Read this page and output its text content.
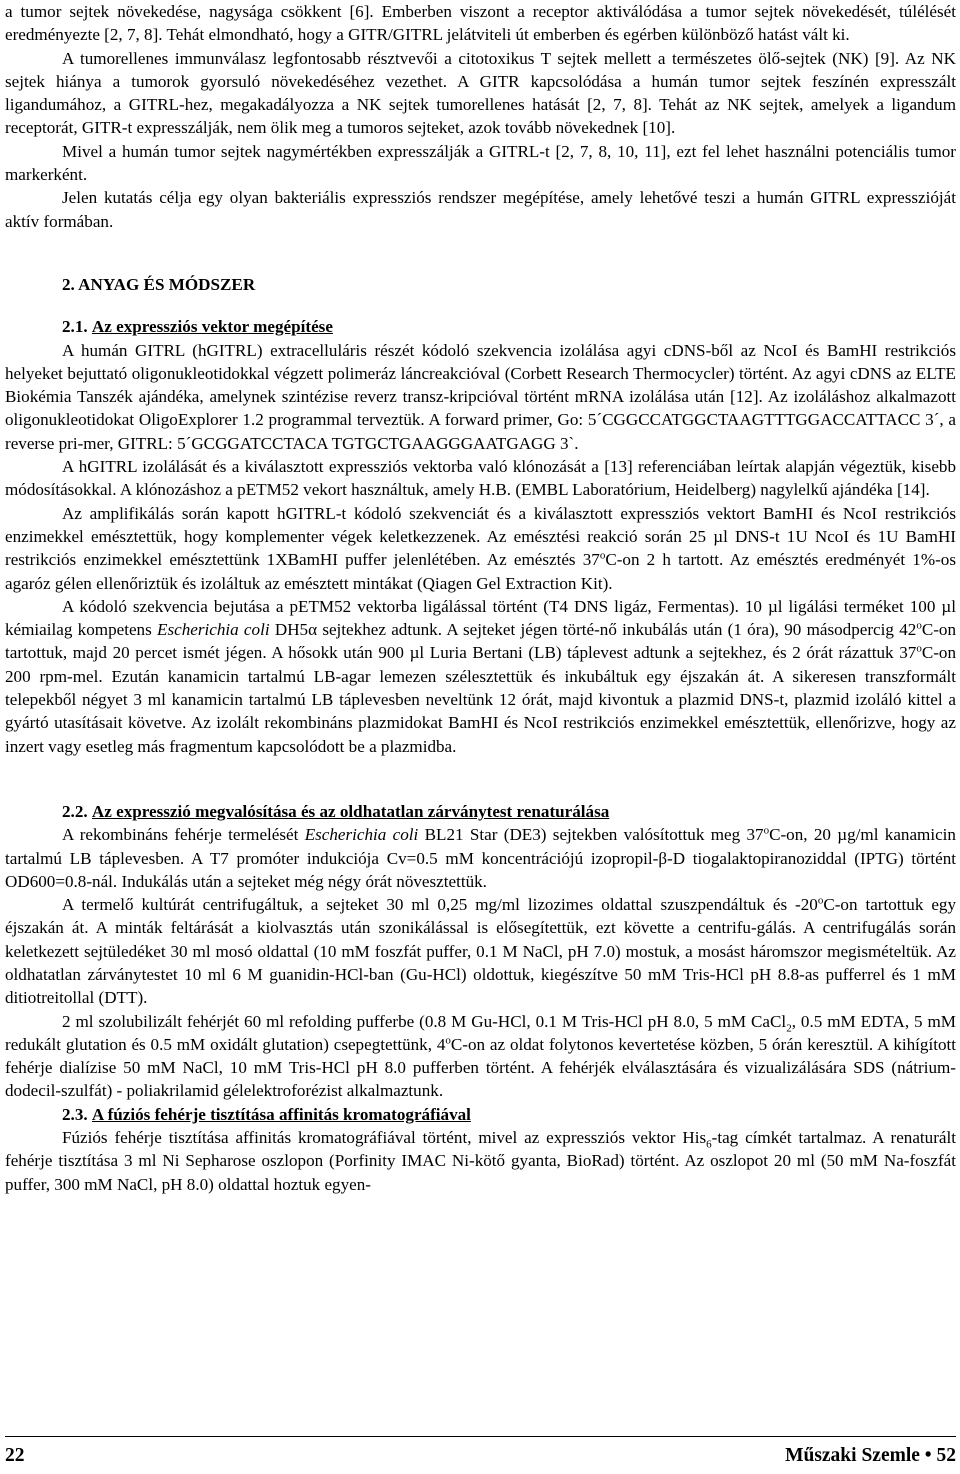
a tumor sejtek növekedése, nagysága csökkent [6]. Emberben viszont a receptor aktiválódása a tumor sejtek növekedését, túlélését eredményezte [2, 7, 8]. Tehát elmondható, hogy a GITR/GITRL jelátviteli út emberben és egérben különböző hatást vált ki.

A tumorellenes immunválasz legfontosabb résztvevői a citotoxikus T sejtek mellett a természetes ölő-sejtek (NK) [9]. Az NK sejtek hiánya a tumorok gyorsuló növekedéséhez vezethet. A GITR kapcsolódása a humán tumor sejtek feszínén expresszált ligandumához, a GITRL-hez, megakadályozza a NK sejtek tumorellenes hatását [2, 7, 8]. Tehát az NK sejtek, amelyek a ligandum receptorát, GITR-t expresszálják, nem ölik meg a tumoros sejteket, azok tovább növekednek [10].

Mivel a humán tumor sejtek nagymértékben expresszálják a GITRL-t [2, 7, 8, 10, 11], ezt fel lehet használni potenciális tumor markerként.

Jelen kutatás célja egy olyan bakteriális expressziós rendszer megépítése, amely lehetővé teszi a humán GITRL expresszióját aktív formában.

2. ANYAG ÉS MÓDSZER

2.1. Az expressziós vektor megépítése

A humán GITRL (hGITRL) extracelluláris részét kódoló szekvencia izolálása agyi cDNS-ből az NcoI és BamHI restrikciós helyeket bejuttató oligonukleotidokkal végzett polimeráz láncreakcióval (Corbett Research Thermocycler) történt. Az agyi cDNS az ELTE Biokémia Tanszék ajándéka, amelynek szintézise reverz transz-kripcióval történt mRNA izolálása után [12]. Az izoláláshoz alkalmazott oligonukleotidokat OligoExplorer 1.2 programmal terveztük. A forward primer, Go: 5´CGGCCATGGCTAAGTTTGGACCATTACC 3´, a reverse pri-mer, GITRL: 5´GCGGATCCTACA TGTGCTGAAGGGAATGAGG 3`.

A hGITRL izolálását és a kiválasztott expressziós vektorba való klónozását a [13] referenciában leírtak alapján végeztük, kisebb módosításokkal. A klónozáshoz a pETM52 vekort használtuk, amely H.B. (EMBL Laboratórium, Heidelberg) nagylelkű ajándéka [14].

Az amplifikálás során kapott hGITRL-t kódoló szekvenciát és a kiválasztott expressziós vektort BamHI és NcoI restrikciós enzimekkel emésztettük, hogy komplementer végek keletkezzenek. Az emésztési reakció során 25 µl DNS-t 1U NcoI és 1U BamHI restrikciós enzimekkel emésztettünk 1XBamHI puffer jelenlétében. Az emésztés 37$^o$C-on 2 h tartott. Az emésztés eredményét 1%-os agaróz gélen ellenőriztük és izoláltuk az emésztett mintákat (Qiagen Gel Extraction Kit).

A kódoló szekvencia bejutása a pETM52 vektorba ligálással történt (T4 DNS ligáz, Fermentas). 10 µl ligálási terméket 100 µl kémiailag kompetens Escherichia coli DH5α sejtekhez adtunk. A sejteket jégen törté-nő inkubálás után (1 óra), 90 másodpercig 42$^o$C-on tartottuk, majd 20 percet ismét jégen. A hősokk után 900 µl Luria Bertani (LB) táplevest adtunk a sejtekhez, és 2 órát rázattuk 37$^o$C-on 200 rpm-mel. Ezután kanamicin tartalmú LB-agar lemezen szélesztettük és inkubáltuk egy éjszakán át. A sikeresen transzformált telepekből négyet 3 ml kanamicin tartalmú LB táplevesben neveltünk 12 órát, majd kivontuk a plazmid DNS-t, plazmid izoláló kittel a gyártó utasításait követve. Az izolált rekombináns plazmidokat BamHI és NcoI restrikciós enzimekkel emésztettük, ellenőrizve, hogy az inzert vagy esetleg más fragmentum kapcsolódott be a plazmidba.

2.2. Az expresszió megvalósítása és az oldhatatlan zárványtest renaturálása

A rekombináns fehérje termelését Escherichia coli BL21 Star (DE3) sejtekben valósítottuk meg 37$^o$C-on, 20 µg/ml kanamicin tartalmú LB táplevesben. A T7 promóter indukciója Cv=0.5 mM koncentrációjú izopropil-β-D tiogalaktopiranoziddal (IPTG) történt OD600=0.8-nál. Indukálás után a sejteket még négy órát növesztettük.

A termelő kultúrát centrifugáltuk, a sejteket 30 ml 0,25 mg/ml lizozimes oldattal szuszpendáltuk és -20$^o$C-on tartottuk egy éjszakán át. A minták feltárását a kiolvasztás után szonikálással is elősegítettük, ezt követte a centrifu-gálás. A centrifugálás során keletkezett sejtüledéket 30 ml mosó oldattal (10 mM foszfát puffer, 0.1 M NaCl, pH 7.0) mostuk, a mosást háromszor megismételtük. Az oldhatatlan zárványtestet 10 ml 6 M guanidin-HCl-ban (Gu-HCl) oldottuk, kiegészítve 50 mM Tris-HCl pH 8.8-as pufferrel és 1 mM ditiotreitollal (DTT).

2 ml szolubilizált fehérjét 60 ml refolding pufferbe (0.8 M Gu-HCl, 0.1 M Tris-HCl pH 8.0, 5 mM CaCl$_2$, 0.5 mM EDTA, 5 mM redukált glutation és 0.5 mM oxidált glutation) csepegtettünk, 4$^o$C-on az oldat folytonos kevertetése közben, 5 órán keresztül. A kihígított fehérje dialízise 50 mM NaCl, 10 mM Tris-HCl pH 8.0 pufferben történt. A fehérjék elválasztására és vizualizálására SDS (nátrium-dodecil-szulfát) - poliakrilamid gélelektroforézist alkalmaztunk.

2.3. A fúziós fehérje tisztítása affinitás kromatográfiával

Fúziós fehérje tisztítása affinitás kromatográfiával történt, mivel az expressziós vektor His$_6$-tag címkét tartalmaz. A renaturált fehérje tisztítása 3 ml Ni Sepharose oszlopon (Porfinity IMAC Ni-kötő gyanta, BioRad) történt. Az oszlopot 20 ml (50 mM Na-foszfát puffer, 300 mM NaCl, pH 8.0) oldattal hoztuk egyen-

22	Műszaki Szemle • 52
